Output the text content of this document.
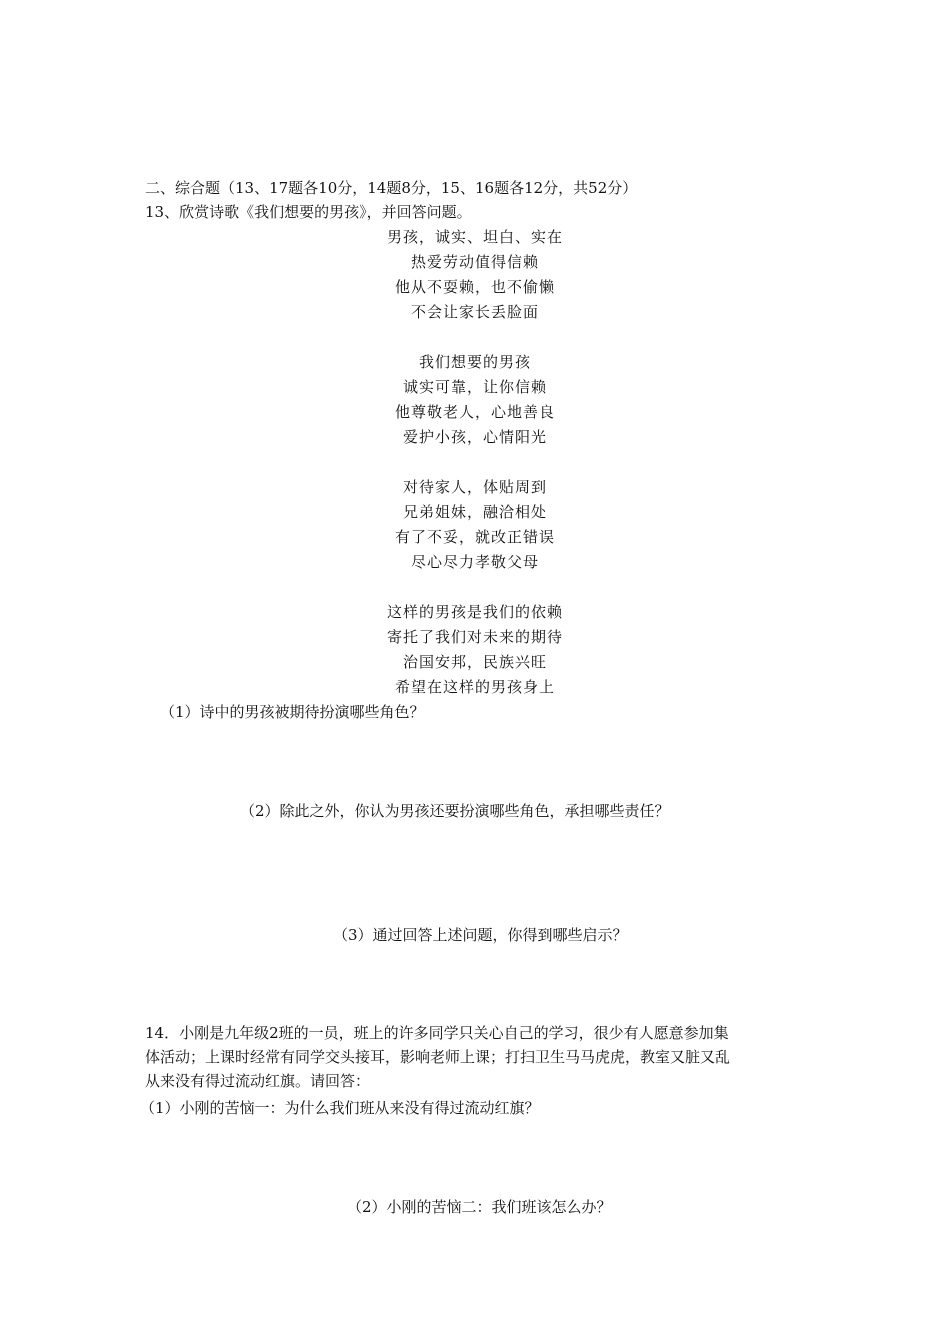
二、综合题（13、17题各10分，14题8分，15、16题各12分，共52分）
13、欣赏诗歌《我们想要的男孩》，并回答问题。
男孩，诚实、坦白、实在
热爱劳动值得信赖
他从不耍赖，也不偷懒
不会让家长丢脸面
我们想要的男孩
诚实可靠，让你信赖
他尊敬老人，心地善良
爱护小孩，心情阳光
对待家人，体贴周到
兄弟姐妹，融洽相处
有了不妥，就改正错误
尽心尽力孝敬父母
这样的男孩是我们的依赖
寄托了我们对未来的期待
治国安邦，民族兴旺
希望在这样的男孩身上
（1）诗中的男孩被期待扮演哪些角色？
（2）除此之外，你认为男孩还要扮演哪些角色，承担哪些责任？
（3）通过回答上述问题，你得到哪些启示？
14．小刚是九年级2班的一员，班上的许多同学只关心自己的学习，很少有人愿意参加集
体活动；上课时经常有同学交头接耳，影响老师上课；打扫卫生马马虎虎，教室又脏又乱
从来没有得过流动红旗。请回答：
（1）小刚的苦恼一：为什么我们班从来没有得过流动红旗？
（2）小刚的苦恼二：我们班该怎么办？
